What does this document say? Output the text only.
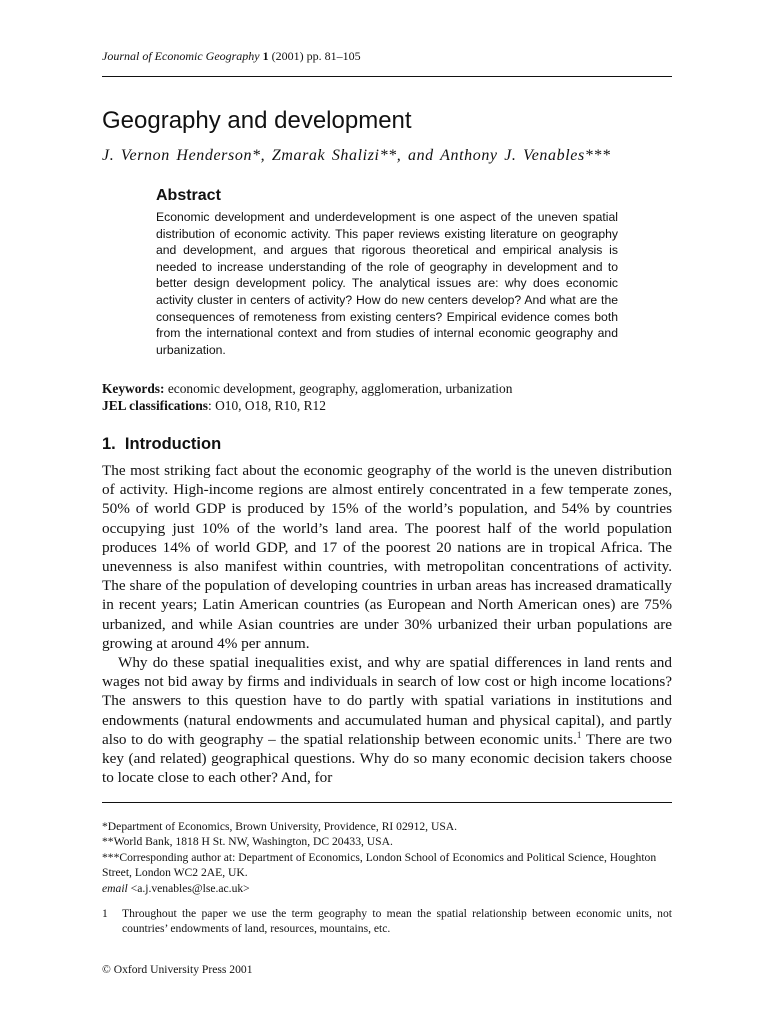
Journal of Economic Geography 1 (2001) pp. 81–105
Geography and development
J. Vernon Henderson*, Zmarak Shalizi**, and Anthony J. Venables***
Abstract
Economic development and underdevelopment is one aspect of the uneven spatial distribution of economic activity. This paper reviews existing literature on geography and development, and argues that rigorous theoretical and empirical analysis is needed to increase understanding of the role of geography in development and to better design development policy. The analytical issues are: why does economic activity cluster in centers of activity? How do new centers develop? And what are the consequences of remoteness from existing centers? Empirical evidence comes both from the international context and from studies of internal economic geography and urbanization.
Keywords: economic development, geography, agglomeration, urbanization
JEL classifications: O10, O18, R10, R12
1.  Introduction

The most striking fact about the economic geography of the world is the uneven distribution of activity. High-income regions are almost entirely concentrated in a few temperate zones, 50% of world GDP is produced by 15% of the world’s population, and 54% by countries occupying just 10% of the world’s land area. The poorest half of the world population produces 14% of world GDP, and 17 of the poorest 20 nations are in tropical Africa. The unevenness is also manifest within countries, with metropolitan concentrations of activity. The share of the population of developing countries in urban areas has increased dramatically in recent years; Latin American countries (as European and North American ones) are 75% urbanized, and while Asian countries are under 30% urbanized their urban populations are growing at around 4% per annum.

Why do these spatial inequalities exist, and why are spatial differences in land rents and wages not bid away by firms and individuals in search of low cost or high income locations? The answers to this question have to do partly with spatial variations in institutions and endowments (natural endowments and accumulated human and physical capital), and partly also to do with geography – the spatial relationship between economic units.$^1$ There are two key (and related) geographical questions. Why do so many economic decision takers choose to locate close to each other? And, for

*Department of Economics, Brown University, Providence, RI 02912, USA.
**World Bank, 1818 H St. NW, Washington, DC 20433, USA.
***Corresponding author at: Department of Economics, London School of Economics and Political Science, Houghton Street, London WC2 2AE, UK.
email <a.j.venables@lse.ac.uk>
1	Throughout the paper we use the term geography to mean the spatial relationship between economic units, not countries’ endowments of land, resources, mountains, etc.
© Oxford University Press 2001
